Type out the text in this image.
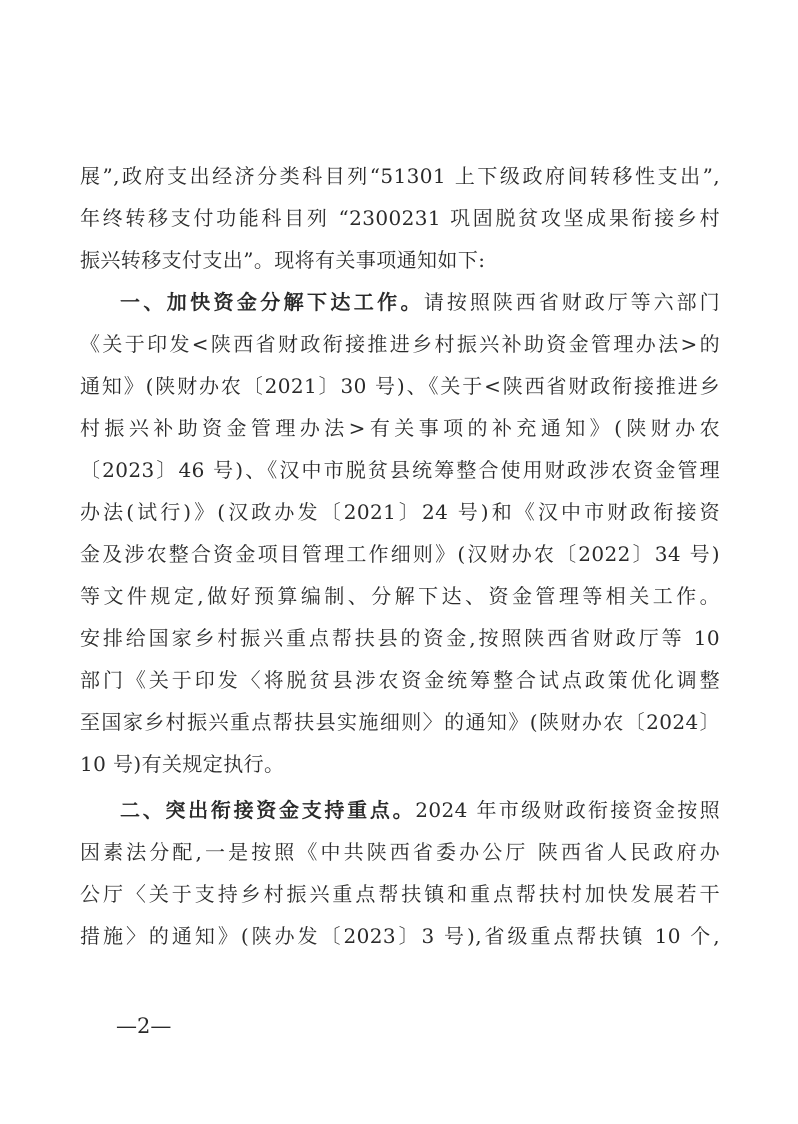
展”,政府支出经济分类科目列“51301 上下级政府间转移性支出”,
年终转移支付功能科目列 “2300231 巩固脱贫攻坚成果衔接乡村
振兴转移支付支出”。现将有关事项通知如下:
一、加快资金分解下达工作。请按照陕西省财政厅等六部门
《关于印发<陕西省财政衔接推进乡村振兴补助资金管理办法>的
通知》(陕财办农〔2021〕30 号)、《关于<陕西省财政衔接推进乡
村振兴补助资金管理办法>有关事项的补充通知》(陕财办农
〔2023〕46 号)、《汉中市脱贫县统筹整合使用财政涉农资金管理
办法(试行)》(汉政办发〔2021〕24 号)和《汉中市财政衔接资
金及涉农整合资金项目管理工作细则》(汉财办农〔2022〕34 号)
等文件规定,做好预算编制、分解下达、资金管理等相关工作。
安排给国家乡村振兴重点帮扶县的资金,按照陕西省财政厅等 10
部门《关于印发〈将脱贫县涉农资金统筹整合试点政策优化调整
至国家乡村振兴重点帮扶县实施细则〉的通知》(陕财办农〔2024〕
10 号)有关规定执行。
二、突出衔接资金支持重点。2024 年市级财政衔接资金按照
因素法分配,一是按照《中共陕西省委办公厅 陕西省人民政府办
公厅〈关于支持乡村振兴重点帮扶镇和重点帮扶村加快发展若干
措施〉的通知》(陕办发〔2023〕3 号),省级重点帮扶镇 10 个,
—2—
